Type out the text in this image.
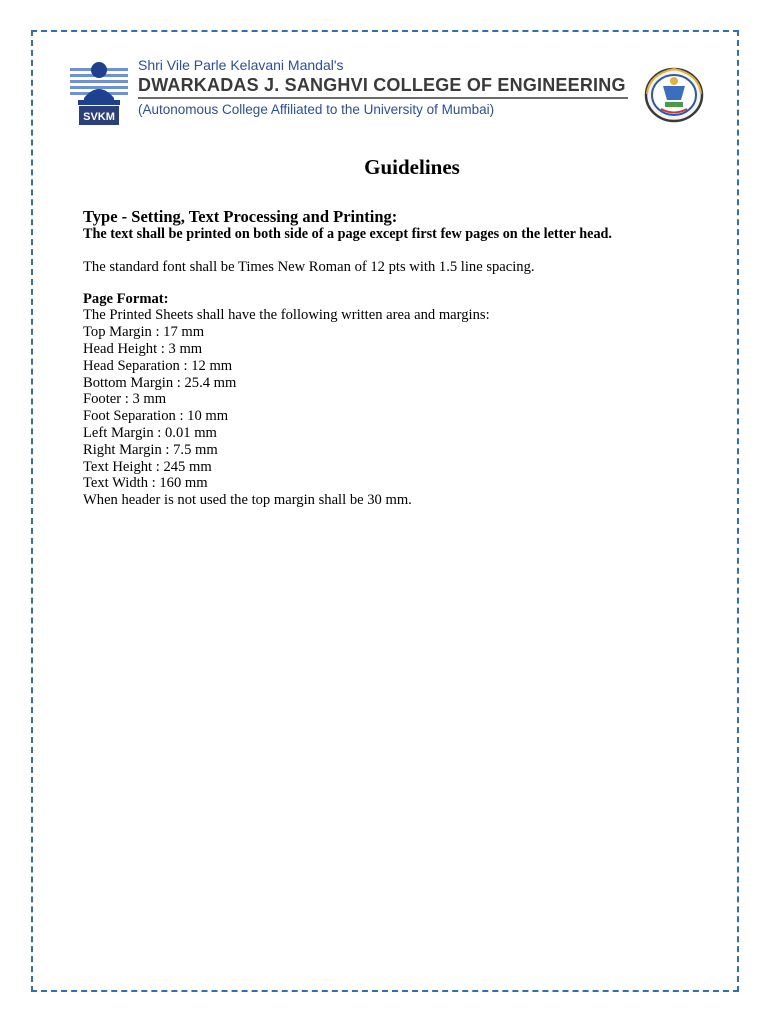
SVKM
Shri Vile Parle Kelavani Mandal's
DWARKADAS J. SANGHVI COLLEGE OF ENGINEERING
(Autonomous College Affiliated to the University of Mumbai)
Guidelines
Type - Setting, Text Processing and Printing:
The text shall be printed on both side of a page except first few pages on the letter head.
The standard font shall be Times New Roman of 12 pts with 1.5 line spacing.
Page Format:
The Printed Sheets shall have the following written area and margins:
Top Margin : 17 mm
Head Height : 3 mm
Head Separation : 12 mm
Bottom Margin : 25.4 mm
Footer : 3 mm
Foot Separation : 10 mm
Left Margin : 0.01 mm
Right Margin : 7.5 mm
Text Height : 245 mm
Text Width : 160 mm
When header is not used the top margin shall be 30 mm.
